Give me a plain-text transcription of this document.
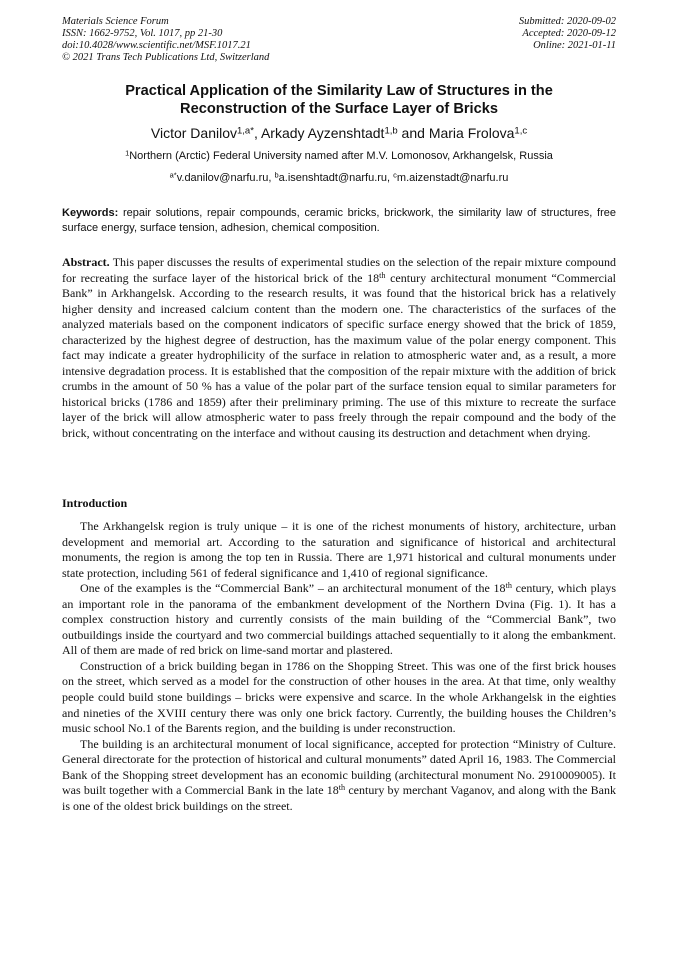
Materials Science Forum
ISSN: 1662-9752, Vol. 1017, pp 21-30
doi:10.4028/www.scientific.net/MSF.1017.21
© 2021 Trans Tech Publications Ltd, Switzerland
Submitted: 2020-09-02
Accepted: 2020-09-12
Online: 2021-01-11
Practical Application of the Similarity Law of Structures in the
Reconstruction of the Surface Layer of Bricks
Victor Danilov$^{1,a*}$, Arkady Ayzenshtadt$^{1,b}$ and Maria Frolova$^{1,c}$
$^1$Northern (Arctic) Federal University named after M.V. Lomonosov, Arkhangelsk, Russia
$^{a*}$v.danilov@narfu.ru, $^b$a.isenshtadt@narfu.ru, $^c$m.aizenstadt@narfu.ru
Keywords: repair solutions, repair compounds, ceramic bricks, brickwork, the similarity law of structures, free surface energy, surface tension, adhesion, chemical composition.
Abstract. This paper discusses the results of experimental studies on the selection of the repair mixture compound for recreating the surface layer of the historical brick of the 18th century architectural monument “Commercial Bank” in Arkhangelsk. According to the research results, it was found that the historical brick has a relatively higher density and increased calcium content than the modern one. The characteristics of the surfaces of the analyzed materials based on the component indicators of specific surface energy showed that the brick of 1859, characterized by the highest degree of destruction, has the maximum value of the polar energy component. This fact may indicate a greater hydrophilicity of the surface in relation to atmospheric water and, as a result, a more intensive degradation process. It is established that the composition of the repair mixture with the addition of brick crumbs in the amount of 50 % has a value of the polar part of the surface tension equal to similar parameters for historical bricks (1786 and 1859) after their preliminary priming. The use of this mixture to recreate the surface layer of the brick will allow atmospheric water to pass freely through the repair compound and the body of the brick, without concentrating on the interface and without causing its destruction and detachment when drying.
Introduction

The Arkhangelsk region is truly unique – it is one of the richest monuments of history, architecture, urban development and memorial art. According to the saturation and significance of historical and architectural monuments, the region is among the top ten in Russia. There are 1,971 historical and cultural monuments under state protection, including 561 of federal significance and 1,410 of regional significance.

One of the examples is the “Commercial Bank” – an architectural monument of the 18th century, which plays an important role in the panorama of the embankment development of the Northern Dvina (Fig. 1). It has a complex construction history and currently consists of the main building of the “Commercial Bank”, two outbuildings inside the courtyard and two commercial buildings attached sequentially to it along the embankment. All of them are made of red brick on lime-sand mortar and plastered.

Construction of a brick building began in 1786 on the Shopping Street. This was one of the first brick houses on the street, which served as a model for the construction of other houses in the area. At that time, only wealthy people could build stone buildings – bricks were expensive and scarce. In the whole Arkhangelsk in the eighties and nineties of the XVIII century there was only one brick factory. Currently, the building houses the Children’s music school No.1 of the Barents region, and the building is under reconstruction.

The building is an architectural monument of local significance, accepted for protection “Ministry of Culture. General directorate for the protection of historical and cultural monuments” dated April 16, 1983. The Commercial Bank of the Shopping street development has an economic building (architectural monument No. 2910009005). It was built together with a Commercial Bank in the late 18th century by merchant Vaganov, and along with the Bank is one of the oldest brick buildings on the street.
